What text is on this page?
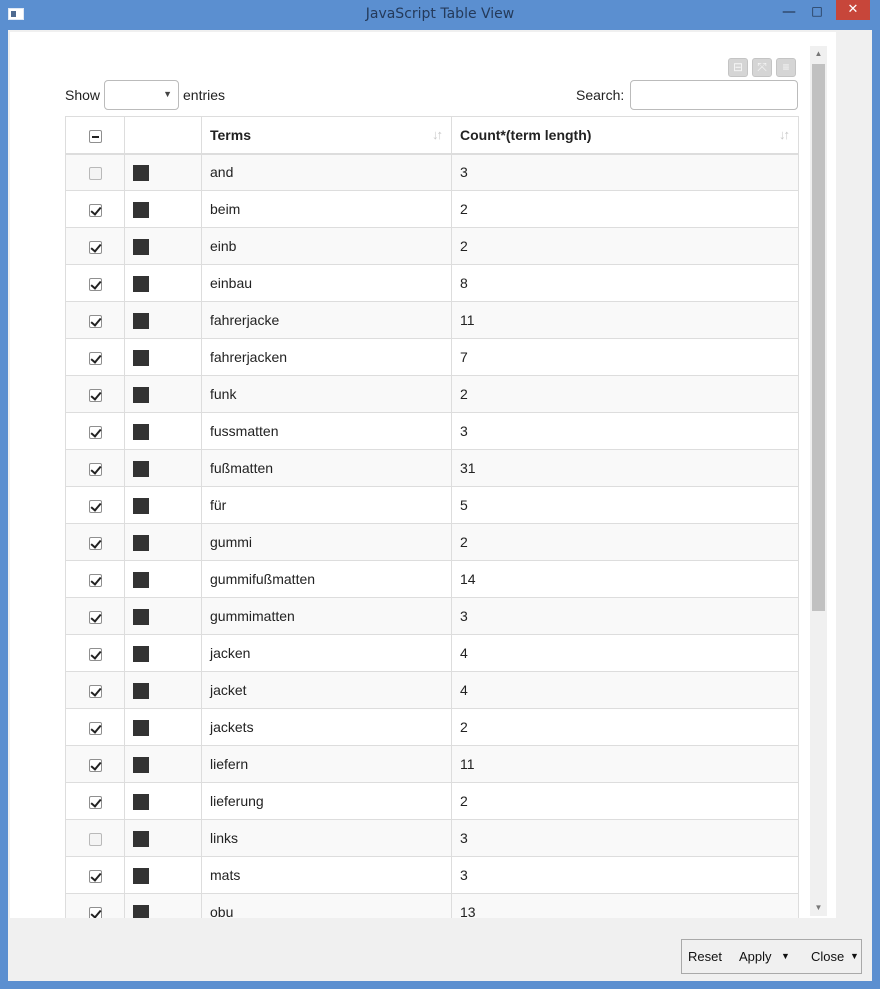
JavaScript Table View	—	□	✕
⊟	⤧	≡
Show	▼ entries	Search:
		Terms ↓↑	Count*(term length) ↓↑

		and	3
		beim	2
		einb	2
		einbau	8
		fahrerjacke	11
		fahrerjacken	7
		funk	2
		fussmatten	3
		fußmatten	31
		für	5
		gummi	2
		gummifußmatten	14
		gummimatten	3
		jacken	4
		jacket	4
		jackets	2
		liefern	11
		lieferung	2
		links	3
		mats	3
		obu	13
▲
▼
Reset Apply ▼ Close ▼
